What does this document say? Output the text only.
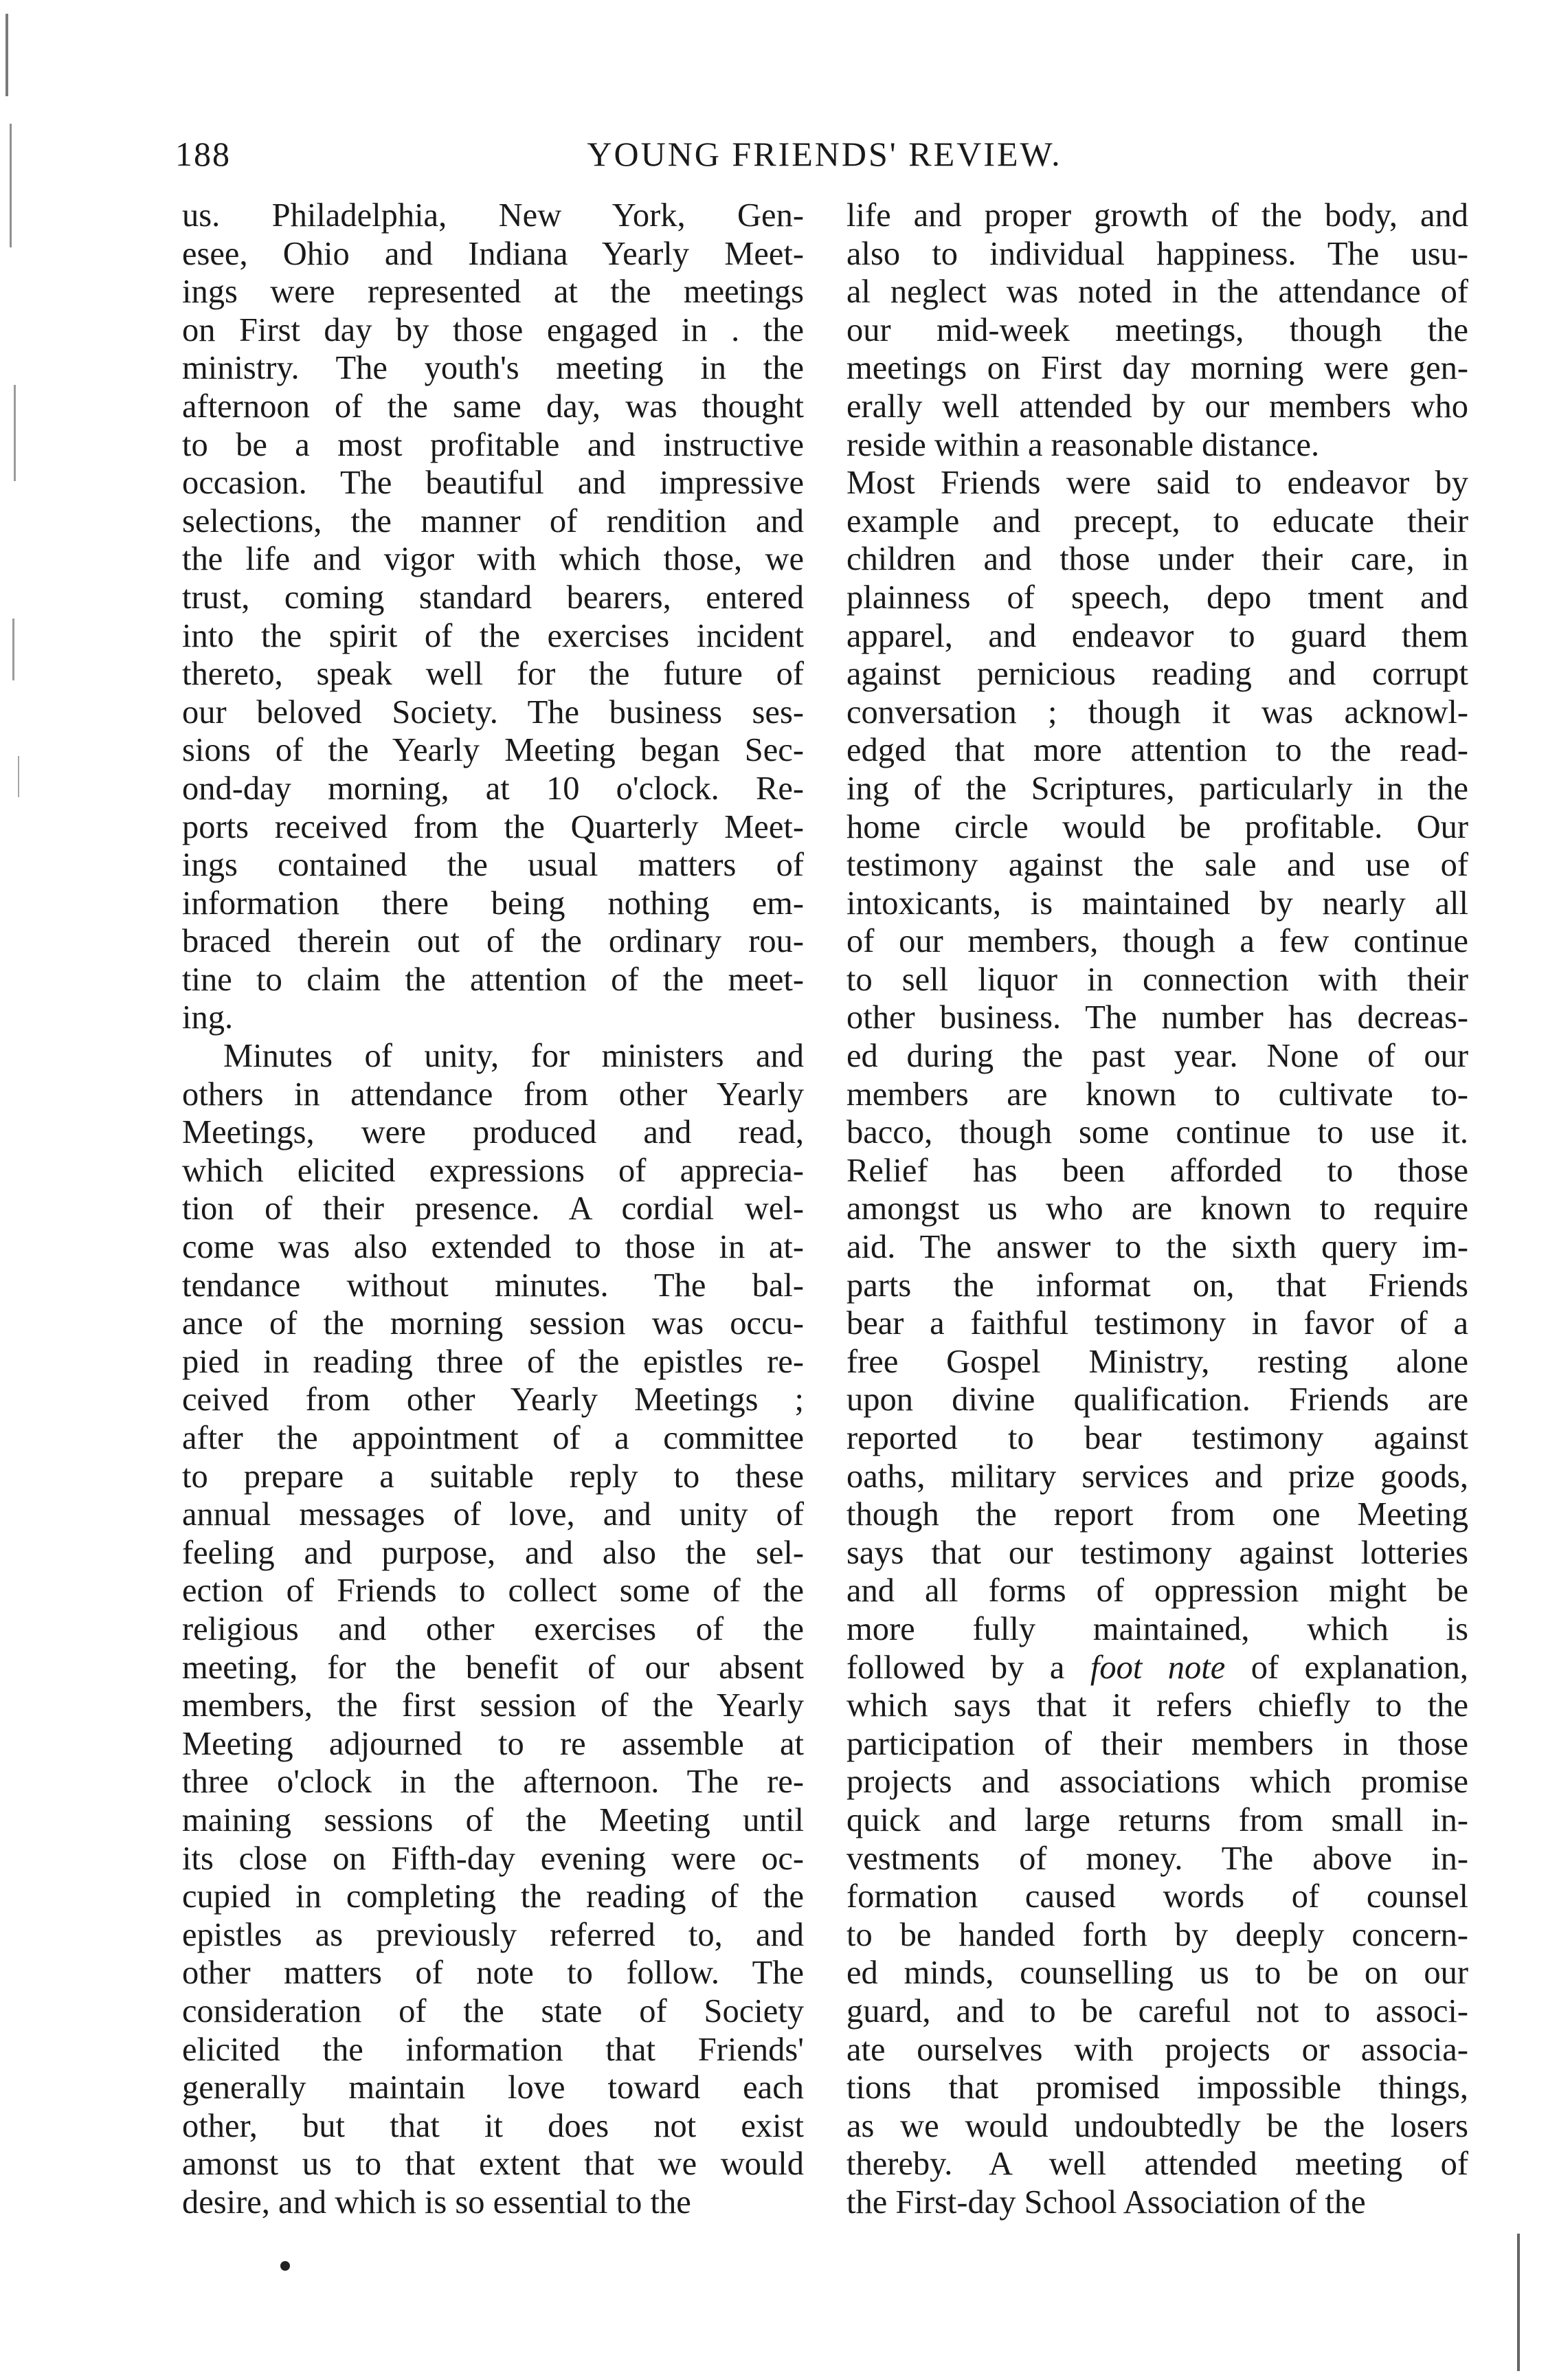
188	YOUNG FRIENDS' REVIEW.
us. Philadelphia, New York, Gen-
esee, Ohio and Indiana Yearly Meet-
ings were represented at the meetings
on First day by those engaged in . the
ministry. The youth's meeting in the
afternoon of the same day, was thought
to be a most profitable and instructive
occasion. The beautiful and impressive
selections, the manner of rendition and
the life and vigor with which those, we
trust, coming standard bearers, entered
into the spirit of the exercises incident
thereto, speak well for the future of
our beloved Society. The business ses-
sions of the Yearly Meeting began Sec-
ond-day morning, at 10 o'clock. Re-
ports received from the Quarterly Meet-
ings contained the usual matters of
information there being nothing em-
braced therein out of the ordinary rou-
tine to claim the attention of the meet-
ing.
Minutes of unity, for ministers and
others in attendance from other Yearly
Meetings, were produced and read,
which elicited expressions of apprecia-
tion of their presence. A cordial wel-
come was also extended to those in at-
tendance without minutes. The bal-
ance of the morning session was occu-
pied in reading three of the epistles re-
ceived from other Yearly Meetings ;
after the appointment of a committee
to prepare a suitable reply to these
annual messages of love, and unity of
feeling and purpose, and also the sel-
ection of Friends to collect some of the
religious and other exercises of the
meeting, for the benefit of our absent
members, the first session of the Yearly
Meeting adjourned to re assemble at
three o'clock in the afternoon. The re-
maining sessions of the Meeting until
its close on Fifth-day evening were oc-
cupied in completing the reading of the
epistles as previously referred to, and
other matters of note to follow. The
consideration of the state of Society
elicited the information that Friends'
generally maintain love toward each
other, but that it does not exist
amonst us to that extent that we would
desire, and which is so essential to the
life and proper growth of the body, and
also to individual happiness. The usu-
al neglect was noted in the attendance of
our mid-week meetings, though the
meetings on First day morning were gen-
erally well attended by our members who
reside within a reasonable distance.
Most Friends were said to endeavor by
example and precept, to educate their
children and those under their care, in
plainness of speech, depo tment and
apparel, and endeavor to guard them
against pernicious reading and corrupt
conversation ; though it was acknowl-
edged that more attention to the read-
ing of the Scriptures, particularly in the
home circle would be profitable. Our
testimony against the sale and use of
intoxicants, is maintained by nearly all
of our members, though a few continue
to sell liquor in connection with their
other business. The number has decreas-
ed during the past year. None of our
members are known to cultivate to-
bacco, though some continue to use it.
Relief has been afforded to those
amongst us who are known to require
aid. The answer to the sixth query im-
parts the informat on, that Friends
bear a faithful testimony in favor of a
free Gospel Ministry, resting alone
upon divine qualification. Friends are
reported to bear testimony against
oaths, military services and prize goods,
though the report from one Meeting
says that our testimony against lotteries
and all forms of oppression might be
more fully maintained, which is
followed by a foot note of explanation,
which says that it refers chiefly to the
participation of their members in those
projects and associations which promise
quick and large returns from small in-
vestments of money. The above in-
formation caused words of counsel
to be handed forth by deeply concern-
ed minds, counselling us to be on our
guard, and to be careful not to associ-
ate ourselves with projects or associa-
tions that promised impossible things,
as we would undoubtedly be the losers
thereby. A well attended meeting of
the First-day School Association of the
